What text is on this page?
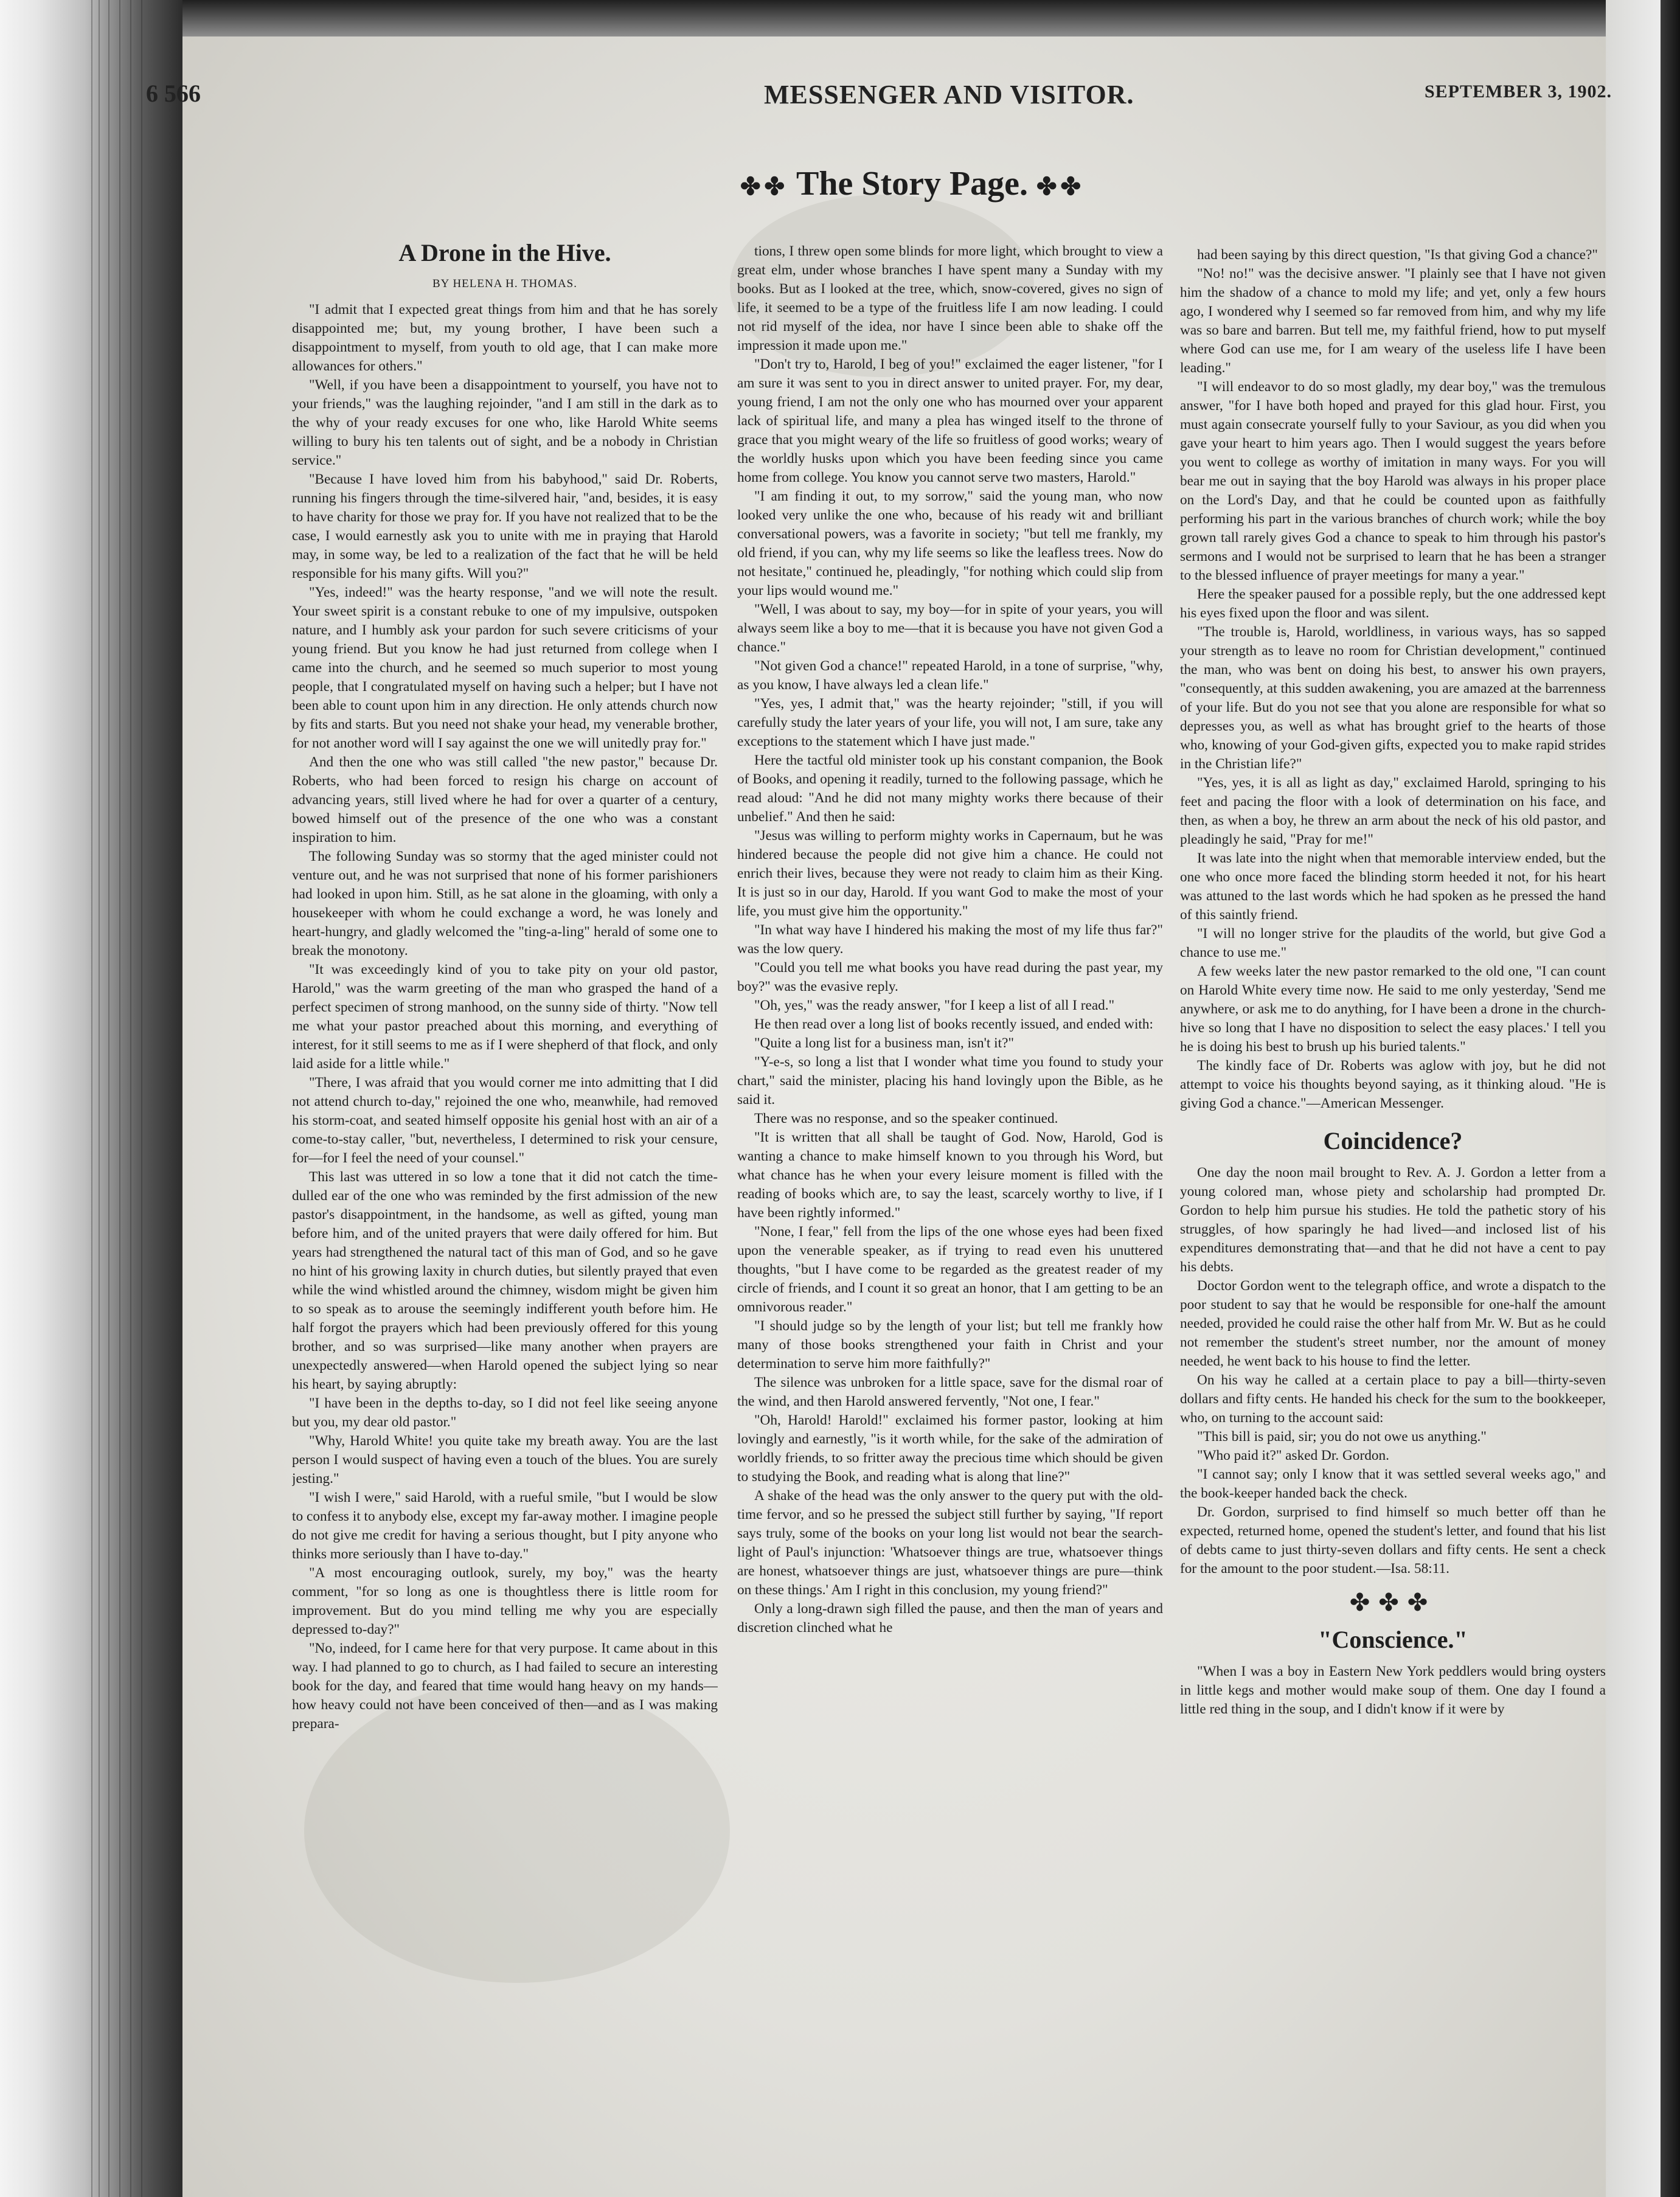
6 566	MESSENGER AND VISITOR.	SEPTEMBER 3, 1902.
✤✤ The Story Page. ✤✤
A Drone in the Hive.
BY HELENA H. THOMAS.

"I admit that I expected great things from him and that he has sorely disappointed me; but, my young brother, I have been such a disappointment to myself, from youth to old age, that I can make more allowances for others."

"Well, if you have been a disappointment to yourself, you have not to your friends," was the laughing rejoinder, "and I am still in the dark as to the why of your ready excuses for one who, like Harold White seems willing to bury his ten talents out of sight, and be a nobody in Christian service."

"Because I have loved him from his babyhood," said Dr. Roberts, running his fingers through the time-silvered hair, "and, besides, it is easy to have charity for those we pray for. If you have not realized that to be the case, I would earnestly ask you to unite with me in praying that Harold may, in some way, be led to a realization of the fact that he will be held responsible for his many gifts. Will you?"

"Yes, indeed!" was the hearty response, "and we will note the result. Your sweet spirit is a constant rebuke to one of my impulsive, outspoken nature, and I humbly ask your pardon for such severe criticisms of your young friend. But you know he had just returned from college when I came into the church, and he seemed so much superior to most young people, that I congratulated myself on having such a helper; but I have not been able to count upon him in any direction. He only attends church now by fits and starts. But you need not shake your head, my venerable brother, for not another word will I say against the one we will unitedly pray for."

And then the one who was still called "the new pastor," because Dr. Roberts, who had been forced to resign his charge on account of advancing years, still lived where he had for over a quarter of a century, bowed himself out of the presence of the one who was a constant inspiration to him.

The following Sunday was so stormy that the aged minister could not venture out, and he was not surprised that none of his former parishioners had looked in upon him. Still, as he sat alone in the gloaming, with only a housekeeper with whom he could exchange a word, he was lonely and heart-hungry, and gladly welcomed the "ting-a-ling" herald of some one to break the monotony.

"It was exceedingly kind of you to take pity on your old pastor, Harold," was the warm greeting of the man who grasped the hand of a perfect specimen of strong manhood, on the sunny side of thirty. "Now tell me what your pastor preached about this morning, and everything of interest, for it still seems to me as if I were shepherd of that flock, and only laid aside for a little while."

"There, I was afraid that you would corner me into admitting that I did not attend church to-day," rejoined the one who, meanwhile, had removed his storm-coat, and seated himself opposite his genial host with an air of a come-to-stay caller, "but, nevertheless, I determined to risk your censure, for—for I feel the need of your counsel."

This last was uttered in so low a tone that it did not catch the time-dulled ear of the one who was reminded by the first admission of the new pastor's disappointment, in the handsome, as well as gifted, young man before him, and of the united prayers that were daily offered for him. But years had strengthened the natural tact of this man of God, and so he gave no hint of his growing laxity in church duties, but silently prayed that even while the wind whistled around the chimney, wisdom might be given him to so speak as to arouse the seemingly indifferent youth before him. He half forgot the prayers which had been previously offered for this young brother, and so was surprised—like many another when prayers are unexpectedly answered—when Harold opened the subject lying so near his heart, by saying abruptly:

"I have been in the depths to-day, so I did not feel like seeing anyone but you, my dear old pastor."

"Why, Harold White! you quite take my breath away. You are the last person I would suspect of having even a touch of the blues. You are surely jesting."

"I wish I were," said Harold, with a rueful smile, "but I would be slow to confess it to anybody else, except my far-away mother. I imagine people do not give me credit for having a serious thought, but I pity anyone who thinks more seriously than I have to-day."

"A most encouraging outlook, surely, my boy," was the hearty comment, "for so long as one is thoughtless there is little room for improvement. But do you mind telling me why you are especially depressed to-day?"

"No, indeed, for I came here for that very purpose. It came about in this way. I had planned to go to church, as I had failed to secure an interesting book for the day, and feared that time would hang heavy on my hands—how heavy could not have been conceived of then—and as I was making prepara-

tions, I threw open some blinds for more light, which brought to view a great elm, under whose branches I have spent many a Sunday with my books. But as I looked at the tree, which, snow-covered, gives no sign of life, it seemed to be a type of the fruitless life I am now leading. I could not rid myself of the idea, nor have I since been able to shake off the impression it made upon me."

"Don't try to, Harold, I beg of you!" exclaimed the eager listener, "for I am sure it was sent to you in direct answer to united prayer. For, my dear, young friend, I am not the only one who has mourned over your apparent lack of spiritual life, and many a plea has winged itself to the throne of grace that you might weary of the life so fruitless of good works; weary of the worldly husks upon which you have been feeding since you came home from college. You know you cannot serve two masters, Harold."

"I am finding it out, to my sorrow," said the young man, who now looked very unlike the one who, because of his ready wit and brilliant conversational powers, was a favorite in society; "but tell me frankly, my old friend, if you can, why my life seems so like the leafless trees. Now do not hesitate," continued he, pleadingly, "for nothing which could slip from your lips would wound me."

"Well, I was about to say, my boy—for in spite of your years, you will always seem like a boy to me—that it is because you have not given God a chance."

"Not given God a chance!" repeated Harold, in a tone of surprise, "why, as you know, I have always led a clean life."

"Yes, yes, I admit that," was the hearty rejoinder; "still, if you will carefully study the later years of your life, you will not, I am sure, take any exceptions to the statement which I have just made."

Here the tactful old minister took up his constant companion, the Book of Books, and opening it readily, turned to the following passage, which he read aloud: "And he did not many mighty works there because of their unbelief." And then he said:

"Jesus was willing to perform mighty works in Capernaum, but he was hindered because the people did not give him a chance. He could not enrich their lives, because they were not ready to claim him as their King. It is just so in our day, Harold. If you want God to make the most of your life, you must give him the opportunity."

"In what way have I hindered his making the most of my life thus far?" was the low query.

"Could you tell me what books you have read during the past year, my boy?" was the evasive reply.

"Oh, yes," was the ready answer, "for I keep a list of all I read."

He then read over a long list of books recently issued, and ended with:

"Quite a long list for a business man, isn't it?"

"Y-e-s, so long a list that I wonder what time you found to study your chart," said the minister, placing his hand lovingly upon the Bible, as he said it.

There was no response, and so the speaker continued.

"It is written that all shall be taught of God. Now, Harold, God is wanting a chance to make himself known to you through his Word, but what chance has he when your every leisure moment is filled with the reading of books which are, to say the least, scarcely worthy to live, if I have been rightly informed."

"None, I fear," fell from the lips of the one whose eyes had been fixed upon the venerable speaker, as if trying to read even his unuttered thoughts, "but I have come to be regarded as the greatest reader of my circle of friends, and I count it so great an honor, that I am getting to be an omnivorous reader."

"I should judge so by the length of your list; but tell me frankly how many of those books strengthened your faith in Christ and your determination to serve him more faithfully?"

The silence was unbroken for a little space, save for the dismal roar of the wind, and then Harold answered fervently, "Not one, I fear."

"Oh, Harold! Harold!" exclaimed his former pastor, looking at him lovingly and earnestly, "is it worth while, for the sake of the admiration of worldly friends, to so fritter away the precious time which should be given to studying the Book, and reading what is along that line?"

A shake of the head was the only answer to the query put with the old-time fervor, and so he pressed the subject still further by saying, "If report says truly, some of the books on your long list would not bear the search-light of Paul's injunction: 'Whatsoever things are true, whatsoever things are honest, whatsoever things are just, whatsoever things are pure—think on these things.' Am I right in this conclusion, my young friend?"

Only a long-drawn sigh filled the pause, and then the man of years and discretion clinched what he

had been saying by this direct question, "Is that giving God a chance?"

"No! no!" was the decisive answer. "I plainly see that I have not given him the shadow of a chance to mold my life; and yet, only a few hours ago, I wondered why I seemed so far removed from him, and why my life was so bare and barren. But tell me, my faithful friend, how to put myself where God can use me, for I am weary of the useless life I have been leading."

"I will endeavor to do so most gladly, my dear boy," was the tremulous answer, "for I have both hoped and prayed for this glad hour. First, you must again consecrate yourself fully to your Saviour, as you did when you gave your heart to him years ago. Then I would suggest the years before you went to college as worthy of imitation in many ways. For you will bear me out in saying that the boy Harold was always in his proper place on the Lord's Day, and that he could be counted upon as faithfully performing his part in the various branches of church work; while the boy grown tall rarely gives God a chance to speak to him through his pastor's sermons and I would not be surprised to learn that he has been a stranger to the blessed influence of prayer meetings for many a year."

Here the speaker paused for a possible reply, but the one addressed kept his eyes fixed upon the floor and was silent.

"The trouble is, Harold, worldliness, in various ways, has so sapped your strength as to leave no room for Christian development," continued the man, who was bent on doing his best, to answer his own prayers, "consequently, at this sudden awakening, you are amazed at the barrenness of your life. But do you not see that you alone are responsible for what so depresses you, as well as what has brought grief to the hearts of those who, knowing of your God-given gifts, expected you to make rapid strides in the Christian life?"

"Yes, yes, it is all as light as day," exclaimed Harold, springing to his feet and pacing the floor with a look of determination on his face, and then, as when a boy, he threw an arm about the neck of his old pastor, and pleadingly he said, "Pray for me!"

It was late into the night when that memorable interview ended, but the one who once more faced the blinding storm heeded it not, for his heart was attuned to the last words which he had spoken as he pressed the hand of this saintly friend.

"I will no longer strive for the plaudits of the world, but give God a chance to use me."

A few weeks later the new pastor remarked to the old one, "I can count on Harold White every time now. He said to me only yesterday, 'Send me anywhere, or ask me to do anything, for I have been a drone in the church-hive so long that I have no disposition to select the easy places.' I tell you he is doing his best to brush up his buried talents."

The kindly face of Dr. Roberts was aglow with joy, but he did not attempt to voice his thoughts beyond saying, as it thinking aloud. "He is giving God a chance."—American Messenger.

Coincidence?

One day the noon mail brought to Rev. A. J. Gordon a letter from a young colored man, whose piety and scholarship had prompted Dr. Gordon to help him pursue his studies. He told the pathetic story of his struggles, of how sparingly he had lived—and inclosed list of his expenditures demonstrating that—and that he did not have a cent to pay his debts.

Doctor Gordon went to the telegraph office, and wrote a dispatch to the poor student to say that he would be responsible for one-half the amount needed, provided he could raise the other half from Mr. W. But as he could not remember the student's street number, nor the amount of money needed, he went back to his house to find the letter.

On his way he called at a certain place to pay a bill—thirty-seven dollars and fifty cents. He handed his check for the sum to the bookkeeper, who, on turning to the account said:

"This bill is paid, sir; you do not owe us anything."

"Who paid it?" asked Dr. Gordon.

"I cannot say; only I know that it was settled several weeks ago," and the book-keeper handed back the check.

Dr. Gordon, surprised to find himself so much better off than he expected, returned home, opened the student's letter, and found that his list of debts came to just thirty-seven dollars and fifty cents. He sent a check for the amount to the poor student.—Isa. 58:11.

✤✤✤
"Conscience."

"When I was a boy in Eastern New York peddlers would bring oysters in little kegs and mother would make soup of them. One day I found a little red thing in the soup, and I didn't know if it were by
